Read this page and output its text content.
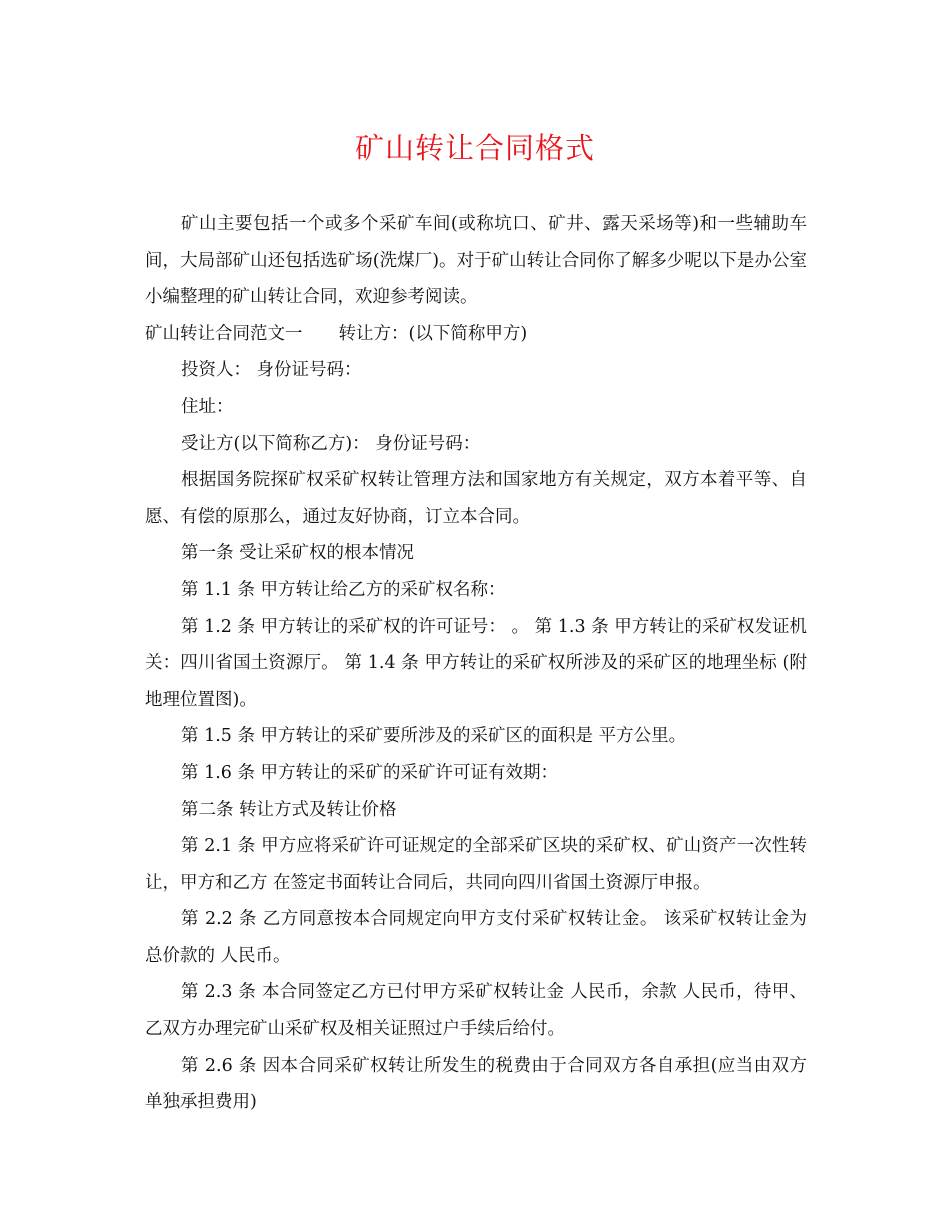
矿山转让合同格式

矿山主要包括一个或多个采矿车间(或称坑口、矿井、露天采场等)和一些辅助车间，大局部矿山还包括选矿场(洗煤厂)。对于矿山转让合同你了解多少呢以下是办公室小编整理的矿山转让合同，欢迎参考阅读。

矿山转让合同范文一 转让方：(以下简称甲方)

投资人： 身份证号码：

住址：

受让方(以下简称乙方)： 身份证号码：

根据国务院探矿权采矿权转让管理方法和国家地方有关规定，双方本着平等、自愿、有偿的原那么，通过友好协商，订立本合同。

第一条 受让采矿权的根本情况

第 1.1 条 甲方转让给乙方的采矿权名称：

第 1.2 条 甲方转让的采矿权的许可证号： 。 第 1.3 条 甲方转让的采矿权发证机关：四川省国土资源厅。 第 1.4 条 甲方转让的采矿权所涉及的采矿区的地理坐标 (附地理位置图)。

第 1.5 条 甲方转让的采矿要所涉及的采矿区的面积是 平方公里。

第 1.6 条 甲方转让的采矿的采矿许可证有效期：

第二条 转让方式及转让价格

第 2.1 条 甲方应将采矿许可证规定的全部采矿区块的采矿权、矿山资产一次性转让，甲方和乙方 在签定书面转让合同后，共同向四川省国土资源厅申报。

第 2.2 条 乙方同意按本合同规定向甲方支付采矿权转让金。 该采矿权转让金为总价款的 人民币。

第 2.3 条 本合同签定乙方已付甲方采矿权转让金 人民币，余款 人民币，待甲、乙双方办理完矿山采矿权及相关证照过户手续后给付。

第 2.6 条 因本合同采矿权转让所发生的税费由于合同双方各自承担(应当由双方单独承担费用)
